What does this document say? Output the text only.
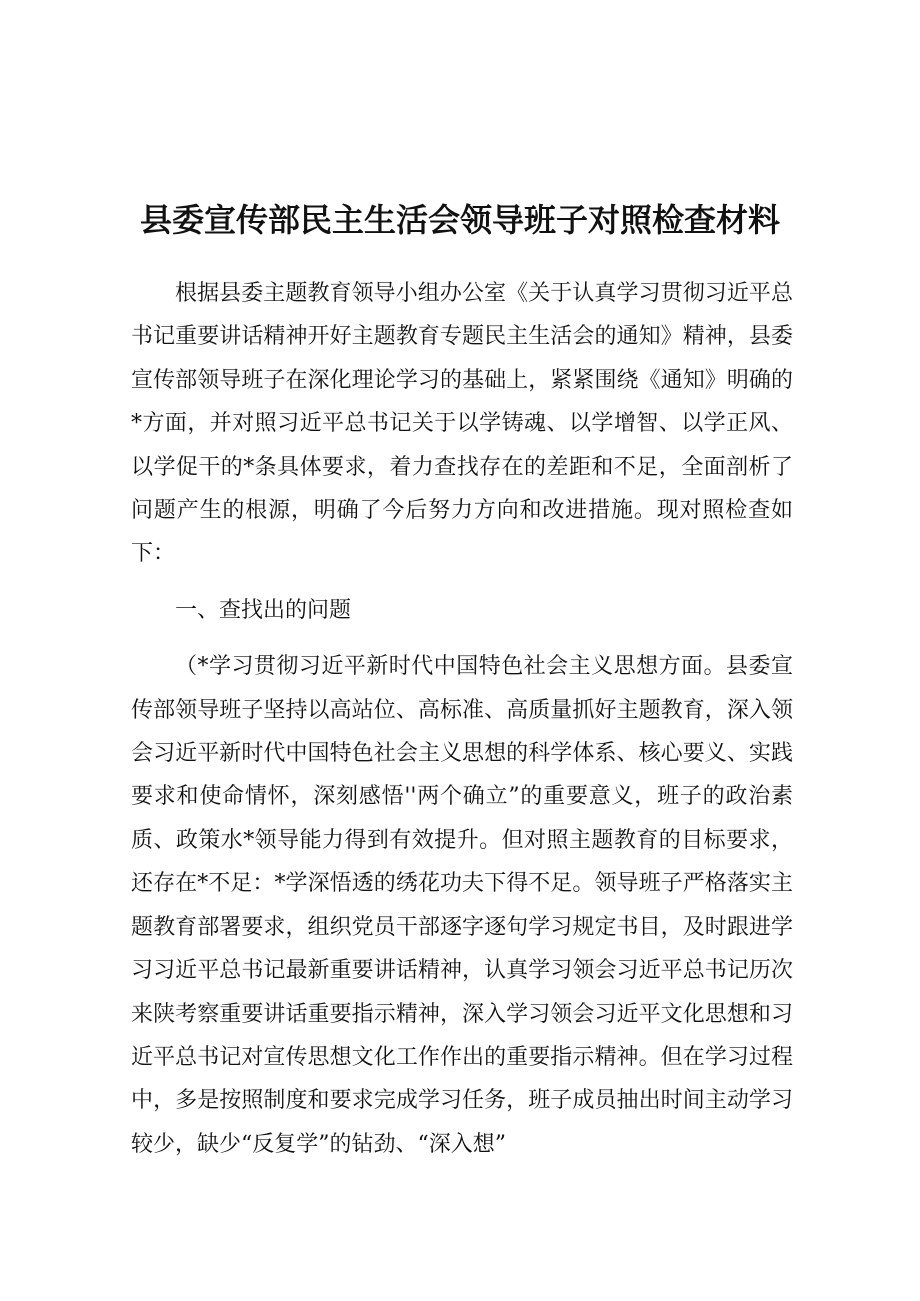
县委宣传部民主生活会领导班子对照检查材料

根据县委主题教育领导小组办公室《关于认真学习贯彻习近平总书记重要讲话精神开好主题教育专题民主生活会的通知》精神，县委宣传部领导班子在深化理论学习的基础上，紧紧围绕《通知》明确的*方面，并对照习近平总书记关于以学铸魂、以学增智、以学正风、以学促干的*条具体要求，着力查找存在的差距和不足，全面剖析了问题产生的根源，明确了今后努力方向和改进措施。现对照检查如下：

一、查找出的问题

（*学习贯彻习近平新时代中国特色社会主义思想方面。县委宣传部领导班子坚持以高站位、高标准、高质量抓好主题教育，深入领会习近平新时代中国特色社会主义思想的科学体系、核心要义、实践要求和使命情怀，深刻感悟''两个确立”的重要意义，班子的政治素质、政策水*领导能力得到有效提升。但对照主题教育的目标要求，还存在*不足：*学深悟透的绣花功夫下得不足。领导班子严格落实主题教育部署要求，组织党员干部逐字逐句学习规定书目，及时跟进学习习近平总书记最新重要讲话精神，认真学习领会习近平总书记历次来陕考察重要讲话重要指示精神，深入学习领会习近平文化思想和习近平总书记对宣传思想文化工作作出的重要指示精神。但在学习过程中，多是按照制度和要求完成学习任务，班子成员抽出时间主动学习较少，缺少“反复学”的钻劲、“深入想”
